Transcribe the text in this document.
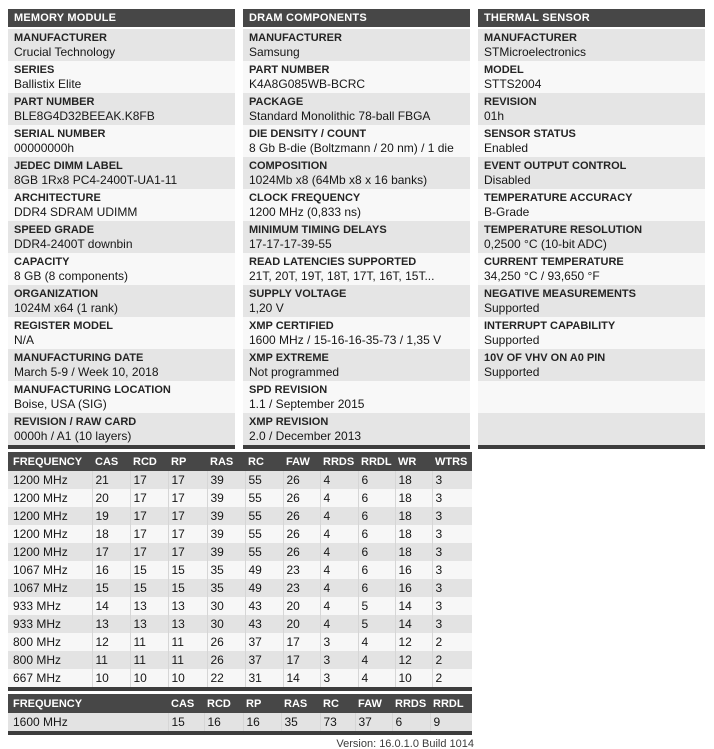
MEMORY MODULE
MANUFACTURER
Crucial Technology
SERIES
Ballistix Elite
PART NUMBER
BLE8G4D32BEEAK.K8FB
SERIAL NUMBER
00000000h
JEDEC DIMM LABEL
8GB 1Rx8 PC4-2400T-UA1-11
ARCHITECTURE
DDR4 SDRAM UDIMM
SPEED GRADE
DDR4-2400T downbin
CAPACITY
8 GB (8 components)
ORGANIZATION
1024M x64 (1 rank)
REGISTER MODEL
N/A
MANUFACTURING DATE
March 5-9 / Week 10, 2018
MANUFACTURING LOCATION
Boise, USA (SIG)
REVISION / RAW CARD
0000h / A1 (10 layers)
DRAM COMPONENTS
MANUFACTURER
Samsung
PART NUMBER
K4A8G085WB-BCRC
PACKAGE
Standard Monolithic 78-ball FBGA
DIE DENSITY / COUNT
8 Gb B-die (Boltzmann / 20 nm) / 1 die
COMPOSITION
1024Mb x8 (64Mb x8 x 16 banks)
CLOCK FREQUENCY
1200 MHz (0,833 ns)
MINIMUM TIMING DELAYS
17-17-17-39-55
READ LATENCIES SUPPORTED
21T, 20T, 19T, 18T, 17T, 16T, 15T...
SUPPLY VOLTAGE
1,20 V
XMP CERTIFIED
1600 MHz / 15-16-16-35-73 / 1,35 V
XMP EXTREME
Not programmed
SPD REVISION
1.1 / September 2015
XMP REVISION
2.0 / December 2013
THERMAL SENSOR
MANUFACTURER
STMicroelectronics
MODEL
STTS2004
REVISION
01h
SENSOR STATUS
Enabled
EVENT OUTPUT CONTROL
Disabled
TEMPERATURE ACCURACY
B-Grade
TEMPERATURE RESOLUTION
0,2500 °C (10-bit ADC)
CURRENT TEMPERATURE
34,250 °C / 93,650 °F
NEGATIVE MEASUREMENTS
Supported
INTERRUPT CAPABILITY
Supported
10V OF VHV ON A0 PIN
Supported
FREQUENCY	CAS	RCD	RP	RAS	RC	FAW	RRDS	RRDL	WR	WTRS
1200 MHz	21	17	17	39	55	26	4	6	18	3
1200 MHz	20	17	17	39	55	26	4	6	18	3
1200 MHz	19	17	17	39	55	26	4	6	18	3
1200 MHz	18	17	17	39	55	26	4	6	18	3
1200 MHz	17	17	17	39	55	26	4	6	18	3
1067 MHz	16	15	15	35	49	23	4	6	16	3
1067 MHz	15	15	15	35	49	23	4	6	16	3
933 MHz	14	13	13	30	43	20	4	5	14	3
933 MHz	13	13	13	30	43	20	4	5	14	3
800 MHz	12	11	11	26	37	17	3	4	12	2
800 MHz	11	11	11	26	37	17	3	4	12	2
667 MHz	10	10	10	22	31	14	3	4	10	2
FREQUENCY	CAS	RCD	RP	RAS	RC	FAW	RRDS	RRDL
1600 MHz	15	16	16	35	73	37	6	9
Version: 16.0.1.0 Build 1014
